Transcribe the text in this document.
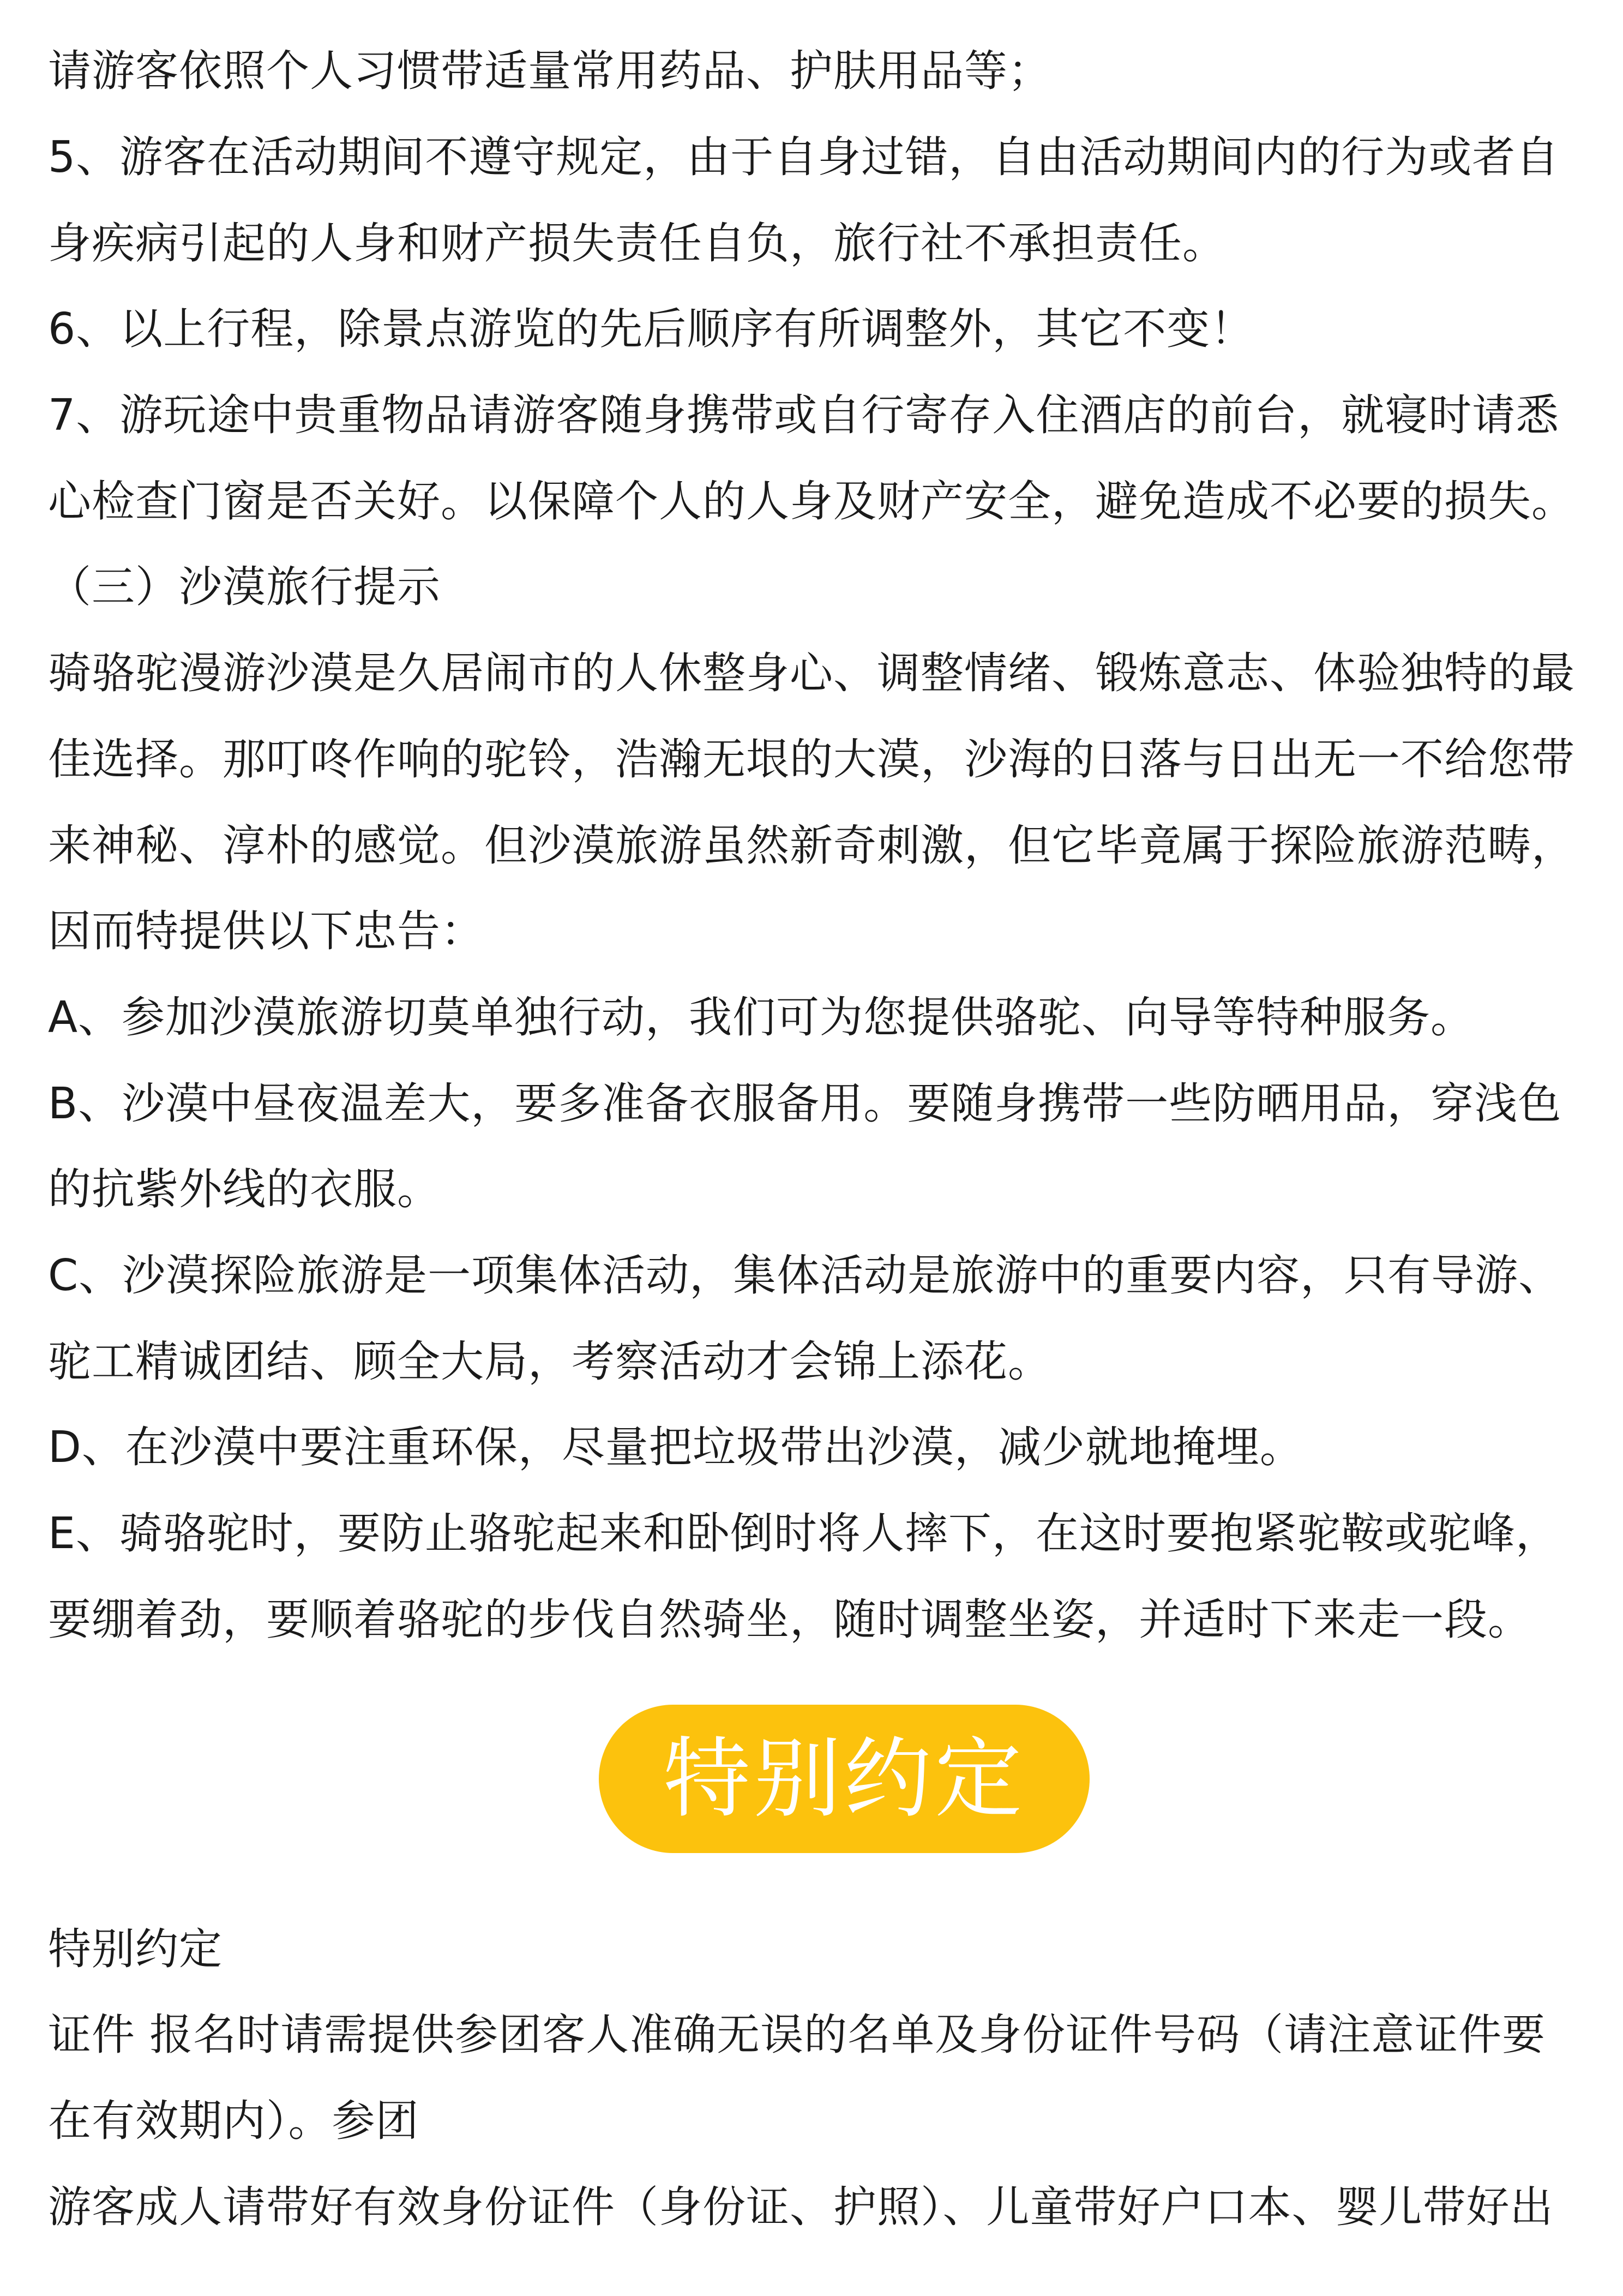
请游客依照个人习惯带适量常用药品、护肤用品等；
5、游客在活动期间不遵守规定，由于自身过错，自由活动期间内的行为或者自
身疾病引起的人身和财产损失责任自负，旅行社不承担责任。
6、以上行程，除景点游览的先后顺序有所调整外，其它不变！
7、游玩途中贵重物品请游客随身携带或自行寄存入住酒店的前台，就寝时请悉
心检查门窗是否关好。以保障个人的人身及财产安全，避免造成不必要的损失。
（三）沙漠旅行提示
骑骆驼漫游沙漠是久居闹市的人休整身心、调整情绪、锻炼意志、体验独特的最
佳选择。那叮咚作响的驼铃，浩瀚无垠的大漠，沙海的日落与日出无一不给您带
来神秘、淳朴的感觉。但沙漠旅游虽然新奇刺激，但它毕竟属于探险旅游范畴，
因而特提供以下忠告：
A、参加沙漠旅游切莫单独行动，我们可为您提供骆驼、向导等特种服务。
B、沙漠中昼夜温差大，要多准备衣服备用。要随身携带一些防晒用品，穿浅色
的抗紫外线的衣服。
C、沙漠探险旅游是一项集体活动，集体活动是旅游中的重要内容，只有导游、
驼工精诚团结、顾全大局，考察活动才会锦上添花。
D、在沙漠中要注重环保，尽量把垃圾带出沙漠，减少就地掩埋。
E、骑骆驼时，要防止骆驼起来和卧倒时将人摔下，在这时要抱紧驼鞍或驼峰，
要绷着劲，要顺着骆驼的步伐自然骑坐，随时调整坐姿，并适时下来走一段。
特别约定
特别约定
证件 报名时请需提供参团客人准确无误的名单及身份证件号码（请注意证件要
在有效期内）。参团
游客成人请带好有效身份证件（身份证、护照）、儿童带好户口本、婴儿带好出
